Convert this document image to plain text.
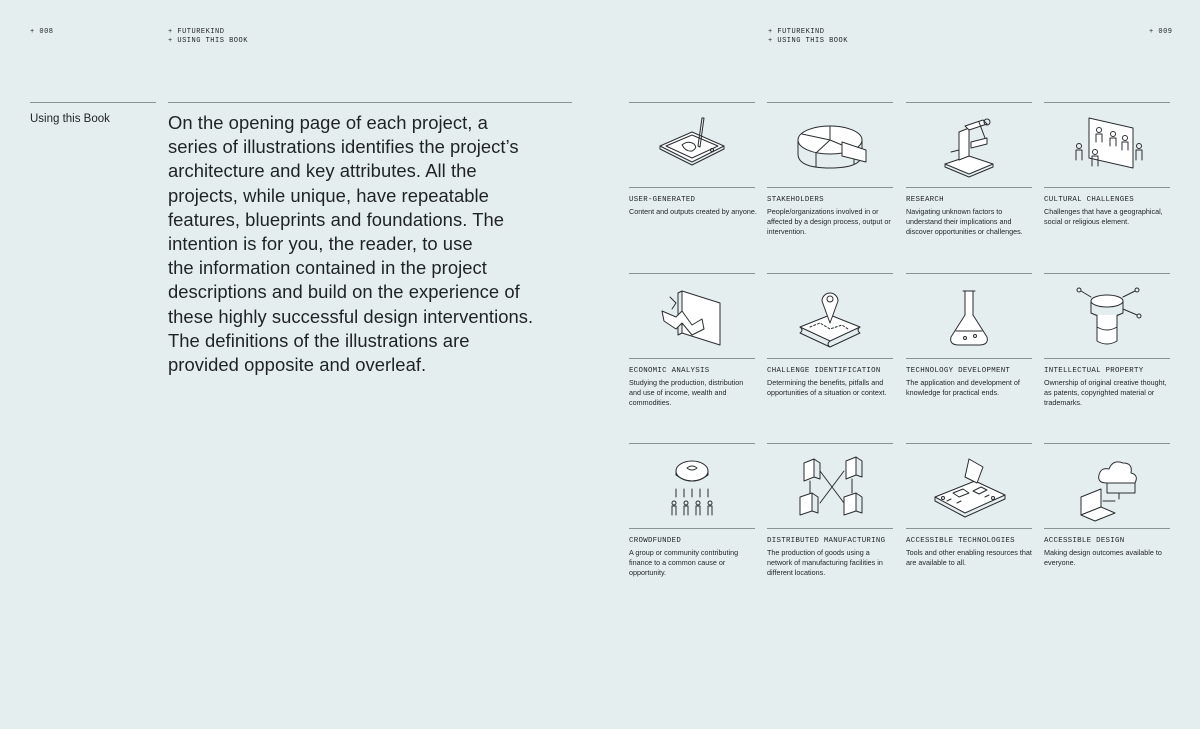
+ 008	+ FUTUREKIND
+ USING THIS BOOK
+ FUTUREKIND
+ USING THIS BOOK
+ 009
Using this Book	On the opening page of each project, a
series of illustrations identifies the project’s
architecture and key attributes. All the
projects, while unique, have repeatable
features, blueprints and foundations. The
intention is for you, the reader, to use
the information contained in the project
descriptions and build on the experience of
these highly successful design interventions.
The definitions of the illustrations are
provided opposite and overleaf.
USER-GENERATED
Content and outputs created by anyone.
STAKEHOLDERS
People/organizations involved in or affected by a design process, output or intervention.
RESEARCH
Navigating unknown factors to understand their implications and discover opportunities or challenges.
CULTURAL CHALLENGES
Challenges that have a geographical, social or religious element.
ECONOMIC ANALYSIS
Studying the production, distribution and use of income, wealth and commodities.
CHALLENGE IDENTIFICATION
Determining the benefits, pitfalls and opportunities of a situation or context.
TECHNOLOGY DEVELOPMENT
The application and development of knowledge for practical ends.
INTELLECTUAL PROPERTY
Ownership of original creative thought, as patents, copyrighted material or trademarks.
CROWDFUNDED
A group or community contributing finance to a common cause or opportunity.
DISTRIBUTED MANUFACTURING
The production of goods using a network of manufacturing facilities in different locations.
ACCESSIBLE TECHNOLOGIES
Tools and other enabling resources that are available to all.
ACCESSIBLE DESIGN
Making design outcomes available to everyone.
